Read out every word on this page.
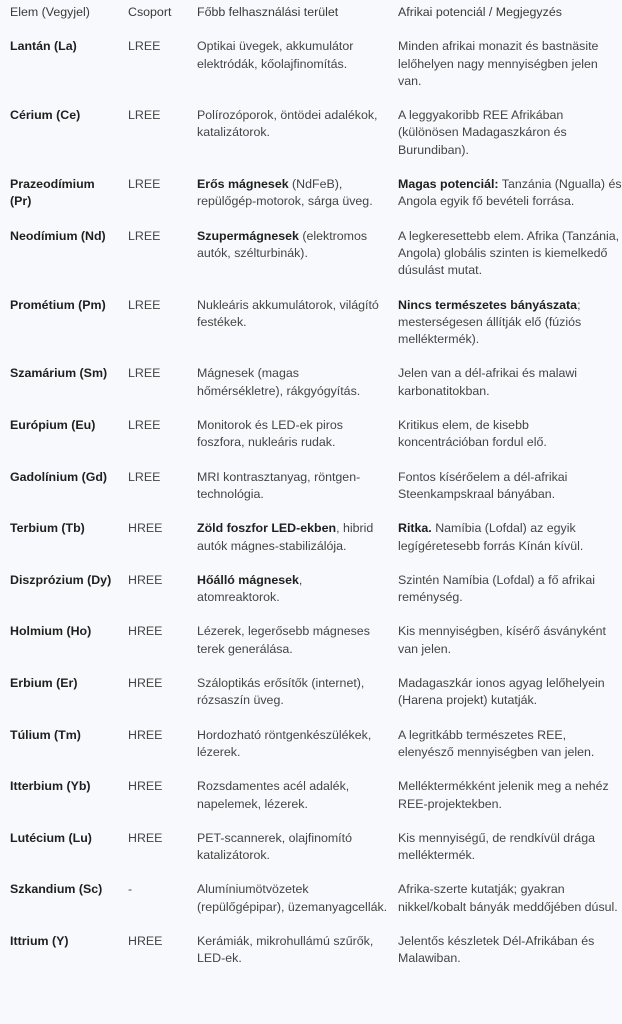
Elem (Vegyjel)	Csoport	Főbb felhasználási terület	Afrikai potenciál / Megjegyzés
Lantán (La)	LREE	Optikai üvegek, akkumulátor elektródák, kőolajfinomítás.	Minden afrikai monazit és bastnäsite lelőhelyen nagy mennyiségben jelen van.
Cérium (Ce)	LREE	Polírozóporok, öntödei adalékok, katalizátorok.	A leggyakoribb REE Afrikában (különösen Madagaszkáron és Burundiban).
Prazeodímium (Pr)	LREE	Erős mágnesek (NdFeB), repülőgép-motorok, sárga üveg.	Magas potenciál: Tanzánia (Ngualla) és Angola egyik fő bevételi forrása.
Neodímium (Nd)	LREE	Szupermágnesek (elektromos autók, szélturbinák).	A legkeresettebb elem. Afrika (Tanzánia, Angola) globális szinten is kiemelkedő dúsulást mutat.
Prométium (Pm)	LREE	Nukleáris akkumulátorok, világító festékek.	Nincs természetes bányászata; mesterségesen állítják elő (fúziós melléktermék).
Szamárium (Sm)	LREE	Mágnesek (magas hőmérsékletre), rákgyógyítás.	Jelen van a dél-afrikai és malawi karbonatitokban.
Európium (Eu)	LREE	Monitorok és LED-ek piros foszfora, nukleáris rudak.	Kritikus elem, de kisebb koncentrációban fordul elő.
Gadolínium (Gd)	LREE	MRI kontrasztanyag, röntgen-technológia.	Fontos kísérőelem a dél-afrikai Steenkampskraal bányában.
Terbium (Tb)	HREE	Zöld foszfor LED-ekben, hibrid autók mágnes-stabilizálója.	Ritka. Namíbia (Lofdal) az egyik legígéretesebb forrás Kínán kívül.
Diszprózium (Dy)	HREE	Hőálló mágnesek, atomreaktorok.	Szintén Namíbia (Lofdal) a fő afrikai reménység.
Holmium (Ho)	HREE	Lézerek, legerősebb mágneses terek generálása.	Kis mennyiségben, kísérő ásványként van jelen.
Erbium (Er)	HREE	Száloptikás erősítők (internet), rózsaszín üveg.	Madagaszkár ionos agyag lelőhelyein (Harena projekt) kutatják.
Túlium (Tm)	HREE	Hordozható röntgenkészülékek, lézerek.	A legritkább természetes REE, elenyésző mennyiségben van jelen.
Itterbium (Yb)	HREE	Rozsdamentes acél adalék, napelemek, lézerek.	Melléktermékként jelenik meg a nehéz REE-projektekben.
Lutécium (Lu)	HREE	PET-scannerek, olajfinomító katalizátorok.	Kis mennyiségű, de rendkívül drága melléktermék.
Szkandium (Sc)	-	Alumíniumötvözetek (repülőgépipar), üzemanyagcellák.	Afrika-szerte kutatják; gyakran nikkel/kobalt bányák meddőjében dúsul.
Ittrium (Y)	HREE	Kerámiák, mikrohullámú szűrők, LED-ek.	Jelentős készletek Dél-Afrikában és Malawiban.
